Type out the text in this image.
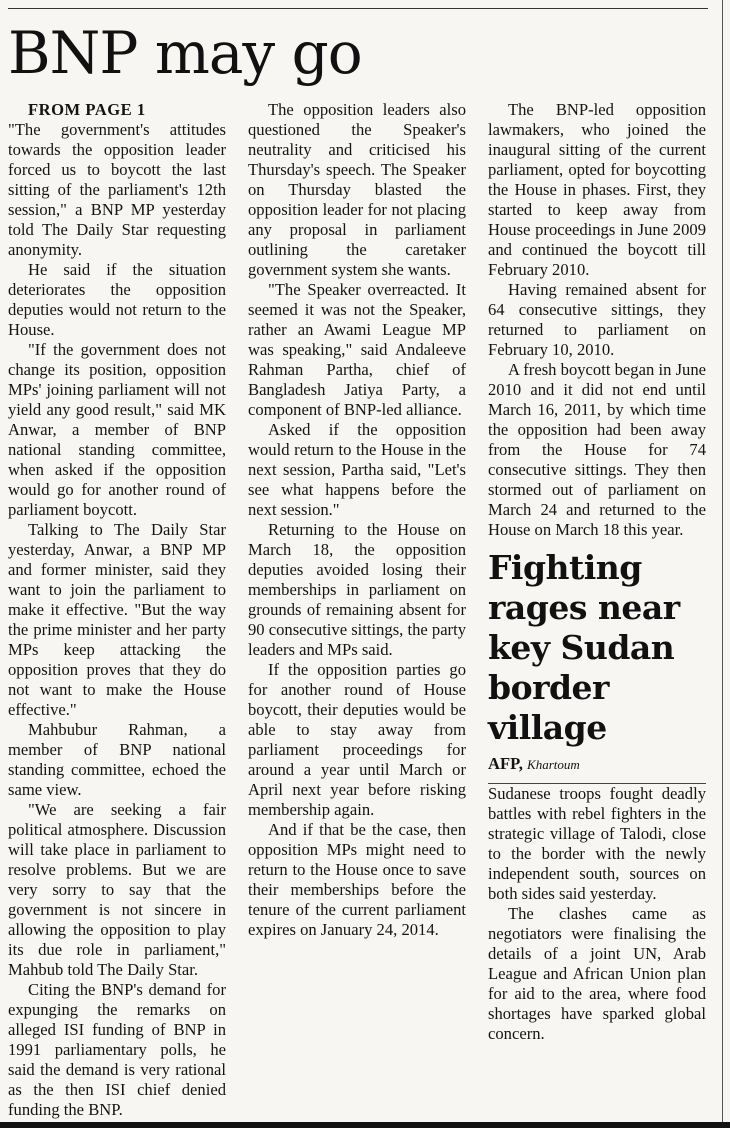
BNP may go

FROM PAGE 1

"The government's attitudes towards the opposition leader forced us to boycott the last sitting of the parliament's 12th session," a BNP MP yesterday told The Daily Star requesting anonymity.

He said if the situation deteriorates the opposition deputies would not return to the House.

"If the government does not change its position, opposition MPs' joining parliament will not yield any good result," said MK Anwar, a member of BNP national standing committee, when asked if the opposition would go for another round of parliament boycott.

Talking to The Daily Star yesterday, Anwar, a BNP MP and former minister, said they want to join the parliament to make it effective. "But the way the prime minister and her party MPs keep attacking the opposition proves that they do not want to make the House effective."

Mahbubur Rahman, a member of BNP national standing committee, echoed the same view.

"We are seeking a fair political atmosphere. Discussion will take place in parliament to resolve problems. But we are very sorry to say that the government is not sincere in allowing the opposition to play its due role in parliament," Mahbub told The Daily Star.

Citing the BNP's demand for expunging the remarks on alleged ISI funding of BNP in 1991 parliamentary polls, he said the demand is very rational as the then ISI chief denied funding the BNP.

The opposition leaders also questioned the Speaker's neutrality and criticised his Thursday's speech. The Speaker on Thursday blasted the opposition leader for not placing any proposal in parliament outlining the caretaker government system she wants.

"The Speaker overreacted. It seemed it was not the Speaker, rather an Awami League MP was speaking," said Andaleeve Rahman Partha, chief of Bangladesh Jatiya Party, a component of BNP-led alliance.

Asked if the opposition would return to the House in the next session, Partha said, "Let's see what happens before the next session."

Returning to the House on March 18, the opposition deputies avoided losing their memberships in parliament on grounds of remaining absent for 90 consecutive sittings, the party leaders and MPs said.

If the opposition parties go for another round of House boycott, their deputies would be able to stay away from parliament proceedings for around a year until March or April next year before risking membership again.

And if that be the case, then opposition MPs might need to return to the House once to save their memberships before the tenure of the current parliament expires on January 24, 2014.

The BNP-led opposition lawmakers, who joined the inaugural sitting of the current parliament, opted for boycotting the House in phases. First, they started to keep away from House proceedings in June 2009 and continued the boycott till February 2010.

Having remained absent for 64 consecutive sittings, they returned to parliament on February 10, 2010.

A fresh boycott began in June 2010 and it did not end until March 16, 2011, by which time the opposition had been away from the House for 74 consecutive sittings. They then stormed out of parliament on March 24 and returned to the House on March 18 this year.

Fighting rages near key Sudan border village

AFP, Khartoum

Sudanese troops fought deadly battles with rebel fighters in the strategic village of Talodi, close to the border with the newly independent south, sources on both sides said yesterday.

The clashes came as negotiators were finalising the details of a joint UN, Arab League and African Union plan for aid to the area, where food shortages have sparked global concern.
